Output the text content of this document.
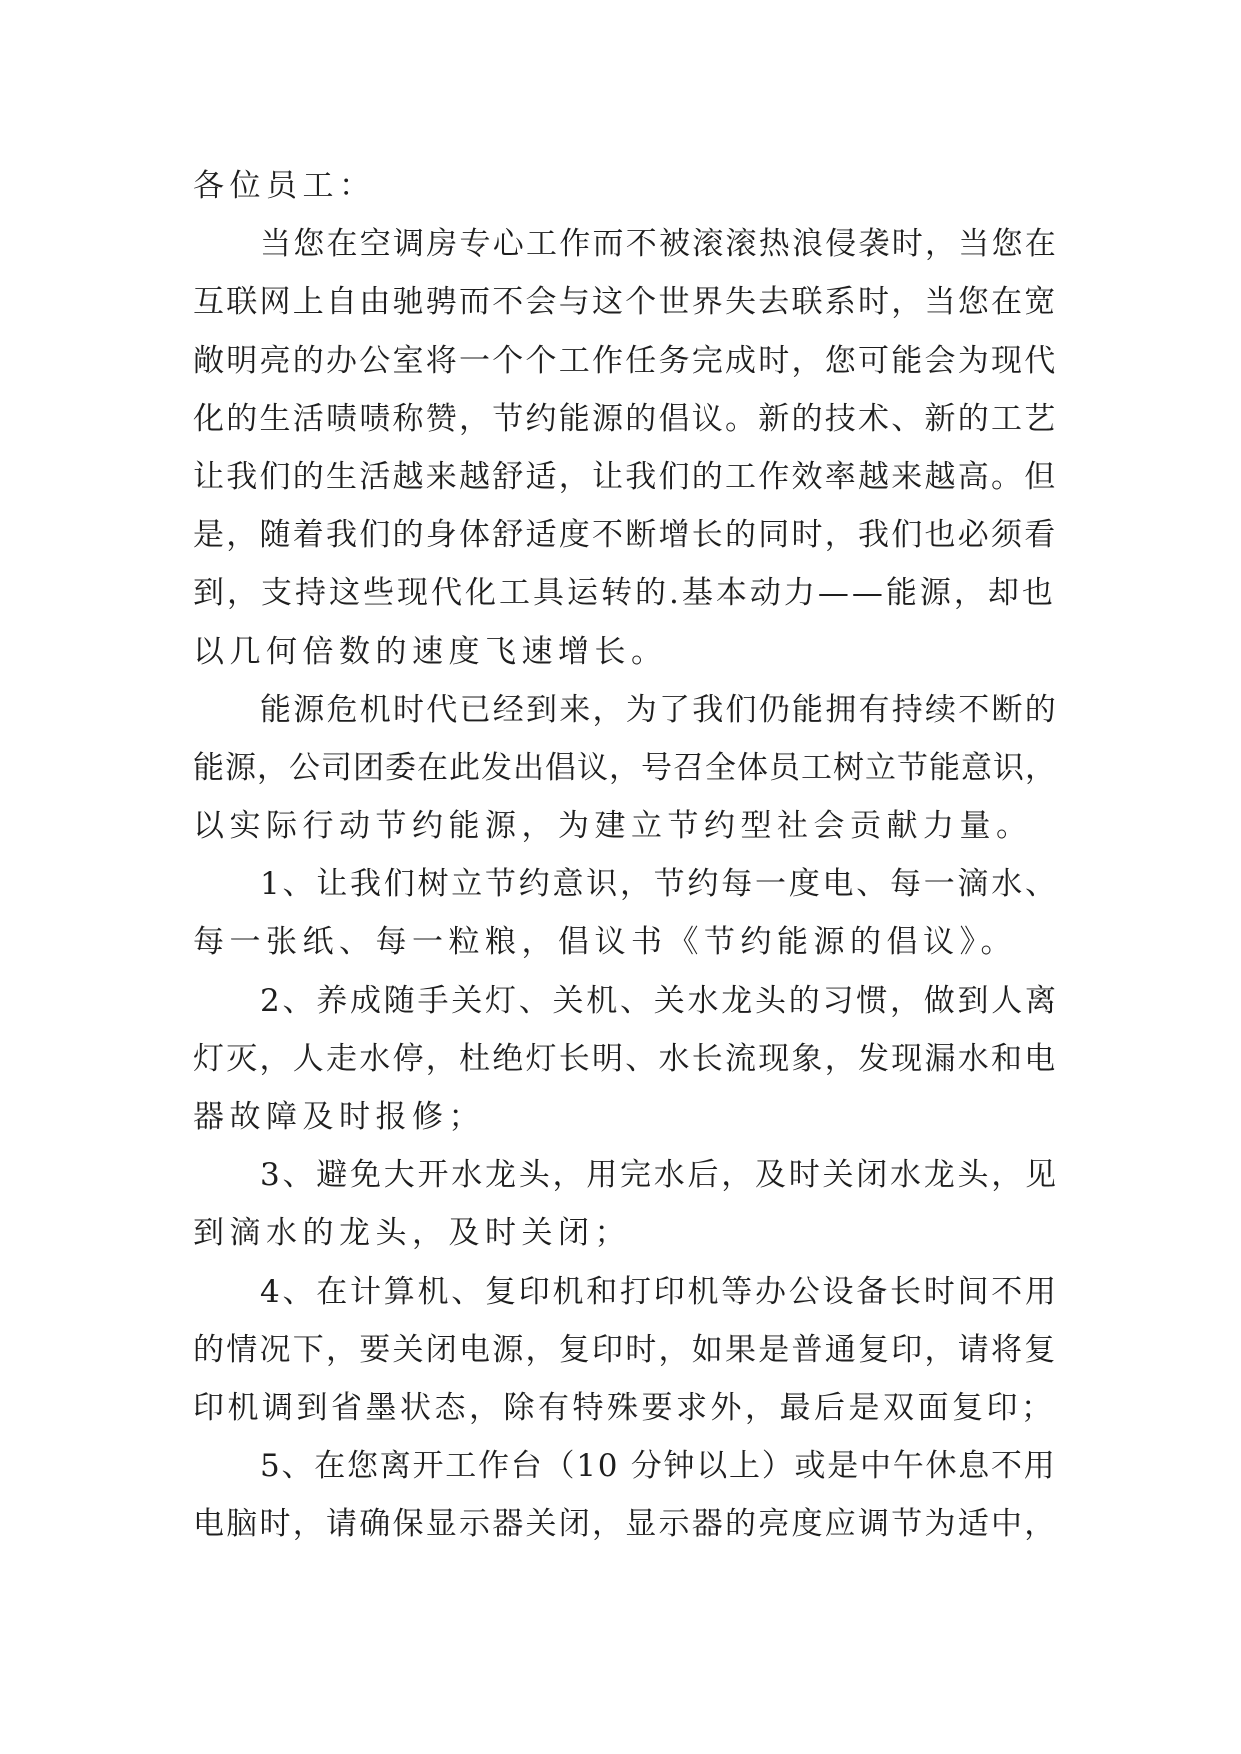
各位员工：
当您在空调房专心工作而不被滚滚热浪侵袭时，当您在
互联网上自由驰骋而不会与这个世界失去联系时，当您在宽
敞明亮的办公室将一个个工作任务完成时，您可能会为现代
化的生活啧啧称赞，节约能源的倡议。新的技术、新的工艺
让我们的生活越来越舒适，让我们的工作效率越来越高。但
是，随着我们的身体舒适度不断增长的同时，我们也必须看
到，支持这些现代化工具运转的.基本动力——能源，却也
以几何倍数的速度飞速增长。
能源危机时代已经到来，为了我们仍能拥有持续不断的
能源，公司团委在此发出倡议，号召全体员工树立节能意识，
以实际行动节约能源，为建立节约型社会贡献力量。
1、让我们树立节约意识，节约每一度电、每一滴水、
每一张纸、每一粒粮，倡议书《节约能源的倡议》。
2、养成随手关灯、关机、关水龙头的习惯，做到人离
灯灭，人走水停，杜绝灯长明、水长流现象，发现漏水和电
器故障及时报修；
3、避免大开水龙头，用完水后，及时关闭水龙头，见
到滴水的龙头，及时关闭；
4、在计算机、复印机和打印机等办公设备长时间不用
的情况下，要关闭电源，复印时，如果是普通复印，请将复
印机调到省墨状态，除有特殊要求外，最后是双面复印；
5、在您离开工作台（10 分钟以上）或是中午休息不用
电脑时，请确保显示器关闭，显示器的亮度应调节为适中，
